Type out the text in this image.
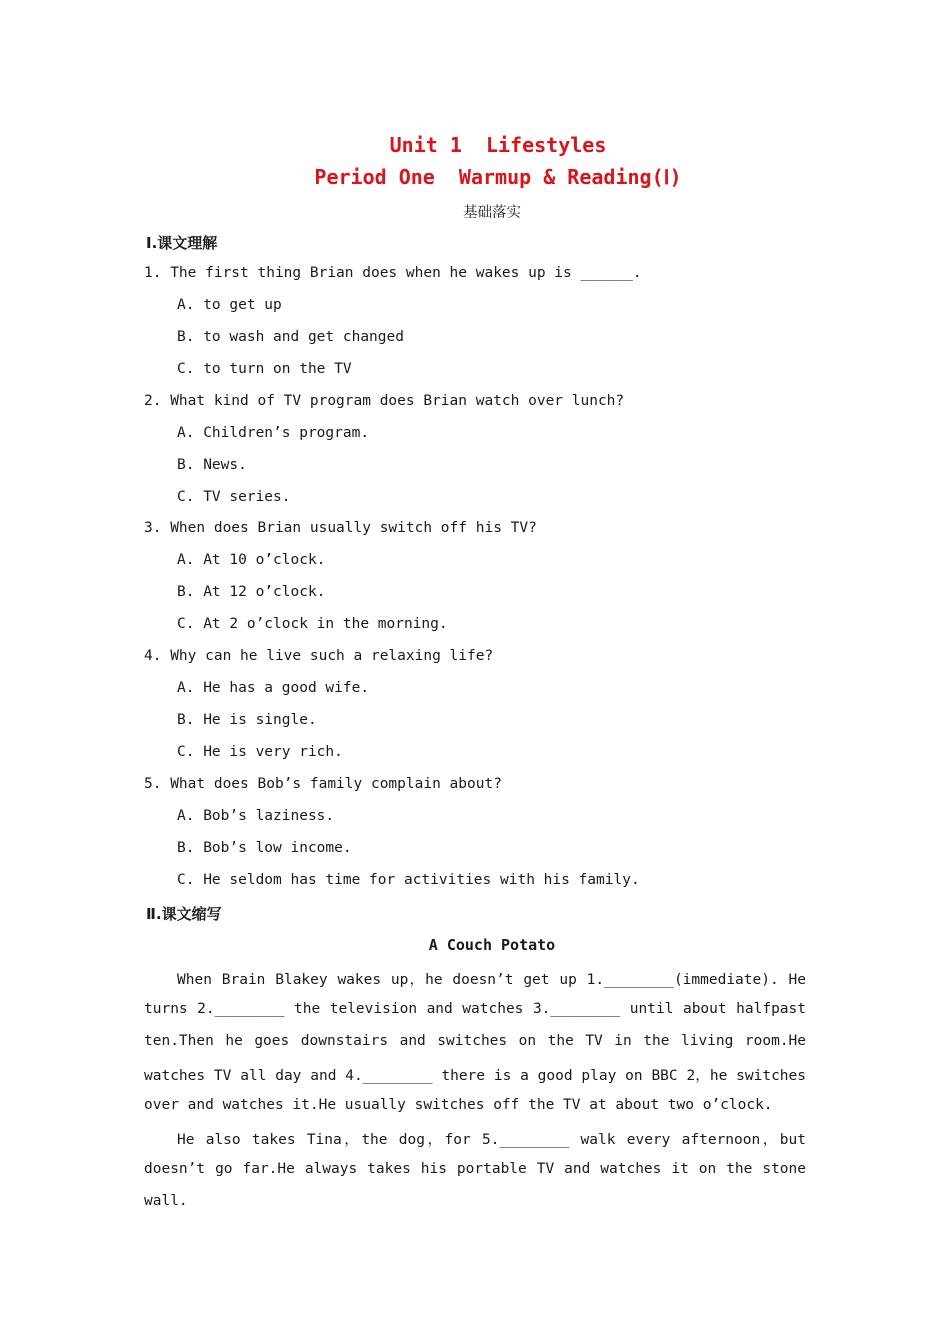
Unit 1  Lifestyles
Period One  Warmup & Reading(Ⅰ)
基础落实
Ⅰ.课文理解
1. The first thing Brian does when he wakes up is ______.
A. to get up
B. to wash and get changed
C. to turn on the TV
2. What kind of TV program does Brian watch over lunch?
A. Children’s program.
B. News.
C. TV series.
3. When does Brian usually switch off his TV?
A. At 10 o’clock.
B. At 12 o’clock.
C. At 2 o’clock in the morning.
4. Why can he live such a relaxing life?
A. He has a good wife.
B. He is single.
C. He is very rich.
5. What does Bob’s family complain about?
A. Bob’s laziness.
B. Bob’s low income.
C. He seldom has time for activities with his family.
Ⅱ.课文缩写
A Couch Potato
When Brain Blakey wakes up，he doesn’t get up 1.________(immediate). He
turns 2.________ the television and watches 3.________ until about halfpast
ten.Then he goes downstairs and switches on the TV in the living room.He
watches TV all day and 4.________ there is a good play on BBC 2，he switches
over and watches it.He usually switches off the TV at about two o’clock.
He also takes Tina，the dog，for 5.________ walk every afternoon，but
doesn’t go far.He always takes his portable TV and watches it on the stone
wall.
